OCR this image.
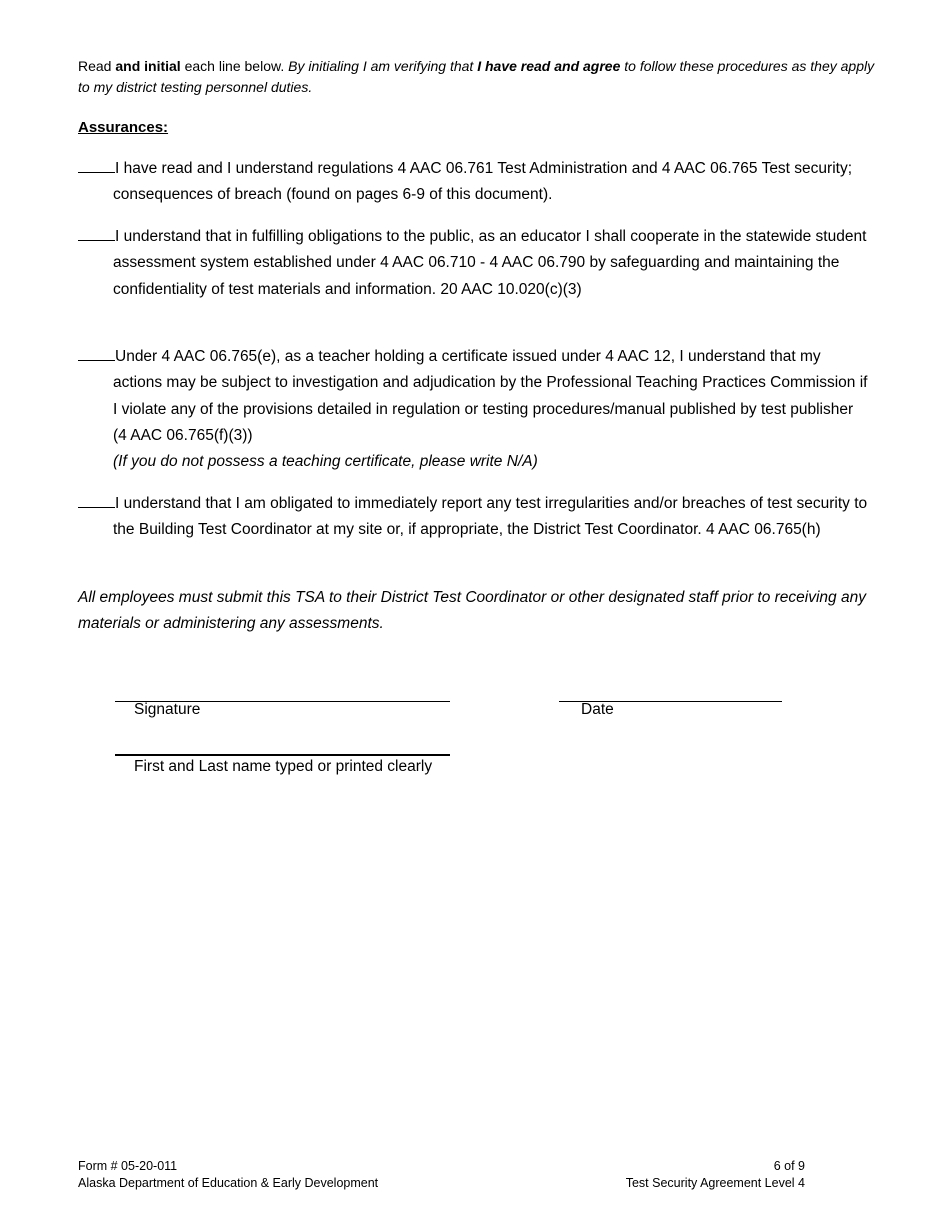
Read and initial each line below. By initialing I am verifying that I have read and agree to follow these procedures as they apply to my district testing personnel duties.
Assurances:
I have read and I understand regulations 4 AAC 06.761 Test Administration and 4 AAC 06.765 Test security; consequences of breach (found on pages 6-9 of this document).
I understand that in fulfilling obligations to the public, as an educator I shall cooperate in the statewide student assessment system established under 4 AAC 06.710 - 4 AAC 06.790 by safeguarding and maintaining the confidentiality of test materials and information. 20 AAC 10.020(c)(3)
Under 4 AAC 06.765(e), as a teacher holding a certificate issued under 4 AAC 12, I understand that my actions may be subject to investigation and adjudication by the Professional Teaching Practices Commission if I violate any of the provisions detailed in regulation or testing procedures/manual published by test publisher (4 AAC 06.765(f)(3))
(If you do not possess a teaching certificate, please write N/A)
I understand that I am obligated to immediately report any test irregularities and/or breaches of test security to the Building Test Coordinator at my site or, if appropriate, the District Test Coordinator. 4 AAC 06.765(h)
All employees must submit this TSA to their District Test Coordinator or other designated staff prior to receiving any materials or administering any assessments.
Signature	Date
First and Last name typed or printed clearly
Form # 05-20-011
Alaska Department of Education & Early Development
6 of 9
Test Security Agreement Level 4
